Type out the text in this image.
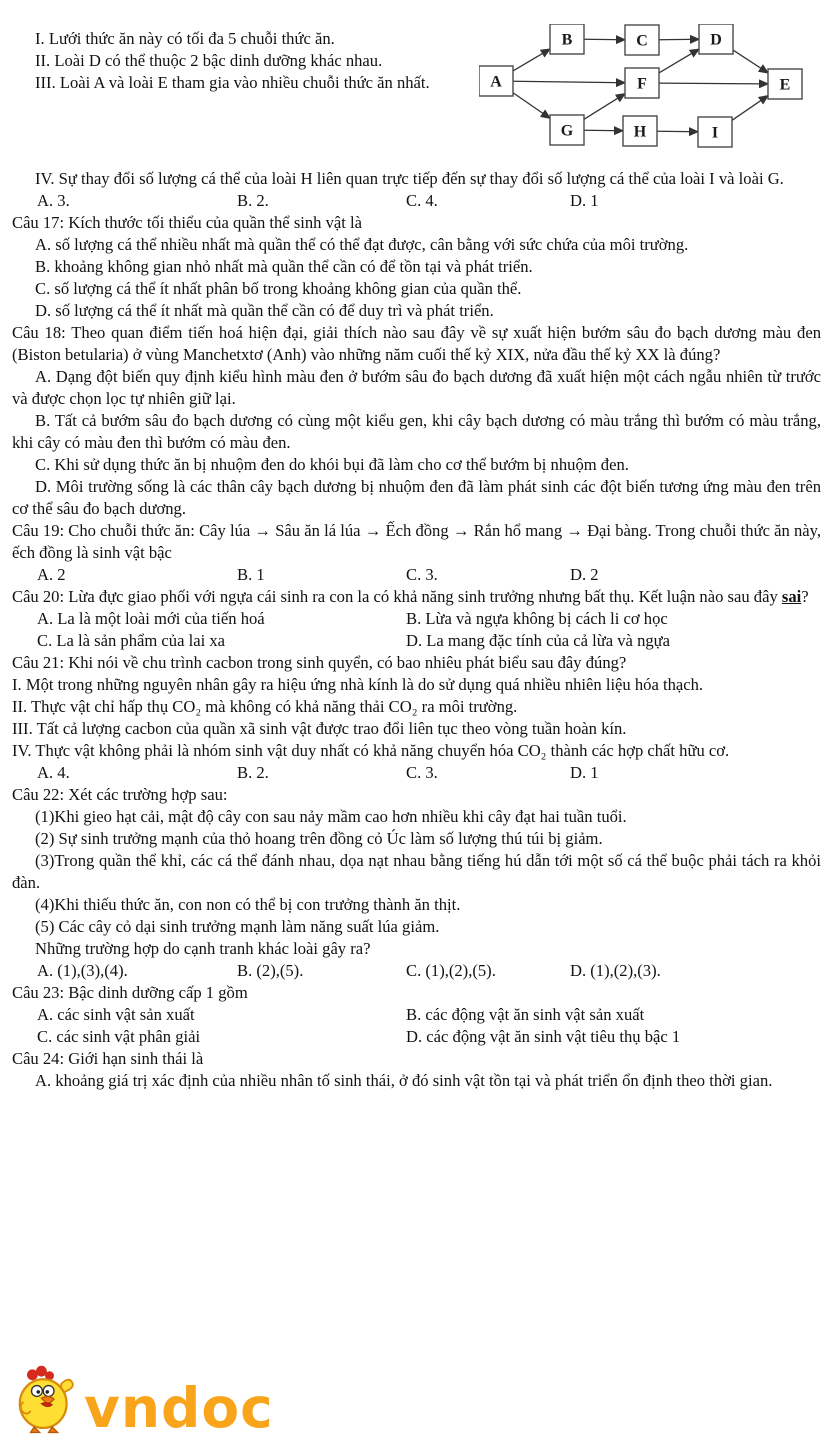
A
B	C	D
E
F
G	H	I

I. Lưới thức ăn này có tối đa 5 chuỗi thức ăn.

II. Loài D có thể thuộc 2 bậc dinh dưỡng khác nhau.

III. Loài A và loài E tham gia vào nhiều chuỗi thức ăn nhất.

IV. Sự thay đổi số lượng cá thể của loài H liên quan trực tiếp đến sự thay đổi số lượng cá thể của loài I và loài G.

A. 3.	B. 2.	C. 4.	D. 1

Câu 17: Kích thước tối thiểu của quần thể sinh vật là

A. số lượng cá thể nhiều nhất mà quần thể có thể đạt được, cân bằng với sức chứa của môi trường.

B. khoảng không gian nhỏ nhất mà quần thể cần có để tồn tại và phát triển.

C. số lượng cá thể ít nhất phân bố trong khoảng không gian của quần thể.

D. số lượng cá thể ít nhất mà quần thể cần có để duy trì và phát triển.

Câu 18: Theo quan điểm tiến hoá hiện đại, giải thích nào sau đây về sự xuất hiện bướm sâu đo bạch dương màu đen (Biston betularia) ở vùng Manchetxtơ (Anh) vào những năm cuối thế kỷ XIX, nửa đầu thế kỷ XX là đúng?

A. Dạng đột biến quy định kiểu hình màu đen ở bướm sâu đo bạch dương đã xuất hiện một cách ngẫu nhiên từ trước và được chọn lọc tự nhiên giữ lại.

B. Tất cả bướm sâu đo bạch dương có cùng một kiểu gen, khi cây bạch dương có màu trắng thì bướm có màu trắng, khi cây có màu đen thì bướm có màu đen.

C. Khi sử dụng thức ăn bị nhuộm đen do khói bụi đã làm cho cơ thể bướm bị nhuộm đen.

D. Môi trường sống là các thân cây bạch dương bị nhuộm đen đã làm phát sinh các đột biến tương ứng màu đen trên cơ thể sâu đo bạch dương.

Câu 19: Cho chuỗi thức ăn: Cây lúa → Sâu ăn lá lúa → Ếch đồng → Rắn hổ mang → Đại bàng. Trong chuỗi thức ăn này, ếch đồng là sinh vật bậc

A. 2	B. 1	C. 3.	D. 2

Câu 20: Lừa đực giao phối với ngựa cái sinh ra con la có khả năng sinh trưởng nhưng bất thụ. Kết luận nào sau đây sai?

A. La là một loài mới của tiến hoá	B. Lừa và ngựa không bị cách li cơ học
C. La là sản phẩm của lai xa	D. La mang đặc tính của cả lừa và ngựa

Câu 21: Khi nói về chu trình cacbon trong sinh quyển, có bao nhiêu phát biểu sau đây đúng?

I. Một trong những nguyên nhân gây ra hiệu ứng nhà kính là do sử dụng quá nhiều nhiên liệu hóa thạch.

II. Thực vật chỉ hấp thụ CO₂ mà không có khả năng thải CO₂ ra môi trường.

III. Tất cả lượng cacbon của quần xã sinh vật được trao đổi liên tục theo vòng tuần hoàn kín.

IV. Thực vật không phải là nhóm sinh vật duy nhất có khả năng chuyển hóa CO₂ thành các hợp chất hữu cơ.

A. 4.	B. 2.	C. 3.	D. 1

Câu 22: Xét các trường hợp sau:

(1)Khi gieo hạt cải, mật độ cây con sau nảy mầm cao hơn nhiều khi cây đạt hai tuần tuổi.

(2) Sự sinh trưởng mạnh của thỏ hoang trên đồng cỏ Úc làm số lượng thú túi bị giảm.

(3)Trong quần thể khỉ, các cá thể đánh nhau, dọa nạt nhau bằng tiếng hú dẫn tới một số cá thể buộc phải tách ra khỏi đàn.

(4)Khi thiếu thức ăn, con non có thể bị con trưởng thành ăn thịt.

(5) Các cây cỏ dại sinh trưởng mạnh làm năng suất lúa giảm.

Những trường hợp do cạnh tranh khác loài gây ra?

A. (1),(3),(4).	B. (2),(5).	C. (1),(2),(5).	D. (1),(2),(3).

Câu 23: Bậc dinh dưỡng cấp 1 gồm

A. các sinh vật sản xuất	B. các động vật ăn sinh vật sản xuất
C. các sinh vật phân giải	D. các động vật ăn sinh vật tiêu thụ bậc 1

Câu 24: Giới hạn sinh thái là

A. khoảng giá trị xác định của nhiều nhân tố sinh thái, ở đó sinh vật tồn tại và phát triển ổn định theo thời gian.

vndoc
